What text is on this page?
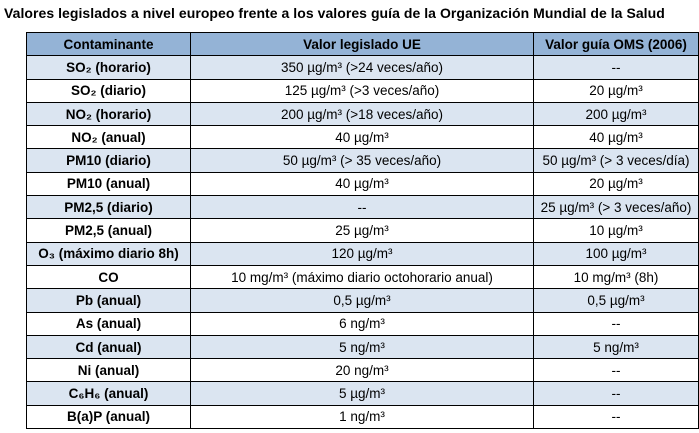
Valores legislados a nivel europeo frente a los valores guía de la Organización Mundial de la Salud
Contaminante	Valor legislado UE	Valor guía OMS (2006)
SO₂ (horario)	350 µg/m³ (>24 veces/año)	--
SO₂ (diario)	125 µg/m³ (>3 veces/año)	20 µg/m³
NO₂ (horario)	200 µg/m³ (>18 veces/año)	200 µg/m³
NO₂ (anual)	40 µg/m³	40 µg/m³
PM10 (diario)	50 µg/m³ (> 35 veces/año)	50 µg/m³ (> 3 veces/día)
PM10 (anual)	40 µg/m³	20 µg/m³
PM2,5 (diario)	--	25 µg/m³ (> 3 veces/año)
PM2,5 (anual)	25 µg/m³	10 µg/m³
O₃ (máximo diario 8h)	120 µg/m³	100 µg/m³
CO	10 mg/m³ (máximo diario octohorario anual)	10 mg/m³ (8h)
Pb (anual)	0,5 µg/m³	0,5 µg/m³
As (anual)	6 ng/m³	--
Cd (anual)	5 ng/m³	5 ng/m³
Ni (anual)	20 ng/m³	--
C₆H₆ (anual)	5 µg/m³	--
B(a)P (anual)	1 ng/m³	--
